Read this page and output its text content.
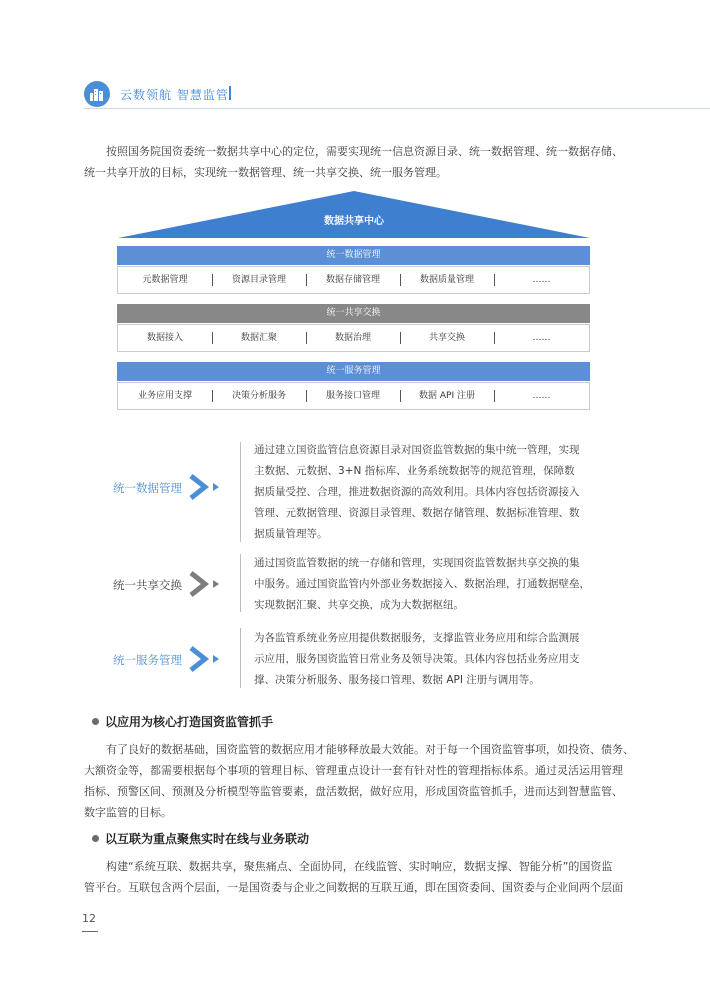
云数领航 智慧监管
按照国务院国资委统一数据共享中心的定位，需要实现统一信息资源目录、统一数据管理、统一数据存储、
统一共享开放的目标，实现统一数据管理、统一共享交换、统一服务管理。
数据共享中心
统一数据管理
元数据管理	资源目录管理	数据存储管理	数据质量管理	……
统一共享交换
数据接入	数据汇聚	数据治理	共享交换	……
统一服务管理
业务应用支撑	决策分析服务	服务接口管理	数据 API 注册	……
统一数据管理
通过建立国资监管信息资源目录对国资监管数据的集中统一管理，实现
主数据、元数据、3+N 指标库、业务系统数据等的规范管理，保障数
据质量受控、合理，推进数据资源的高效利用。具体内容包括资源接入
管理、元数据管理、资源目录管理、数据存储管理、数据标准管理、数
据质量管理等。
统一共享交换
通过国资监管数据的统一存储和管理，实现国资监管数据共享交换的集
中服务。通过国资监管内外部业务数据接入、数据治理，打通数据壁垒，
实现数据汇聚、共享交换，成为大数据枢纽。
统一服务管理
为各监管系统业务应用提供数据服务，支撑监管业务应用和综合监测展
示应用，服务国资监管日常业务及领导决策。具体内容包括业务应用支
撑、决策分析服务、服务接口管理、数据 API 注册与调用等。
以应用为核心打造国资监管抓手
有了良好的数据基础，国资监管的数据应用才能够释放最大效能。对于每一个国资监管事项，如投资、债务、
大额资金等，都需要根据每个事项的管理目标、管理重点设计一套有针对性的管理指标体系。通过灵活运用管理
指标、预警区间、预测及分析模型等监管要素，盘活数据，做好应用，形成国资监管抓手，进而达到智慧监管、
数字监管的目标。
以互联为重点聚焦实时在线与业务联动
构建“系统互联、数据共享，聚焦痛点、全面协同，在线监管、实时响应，数据支撑、智能分析”的国资监
管平台。互联包含两个层面，一是国资委与企业之间数据的互联互通，即在国资委间、国资委与企业间两个层面
12
